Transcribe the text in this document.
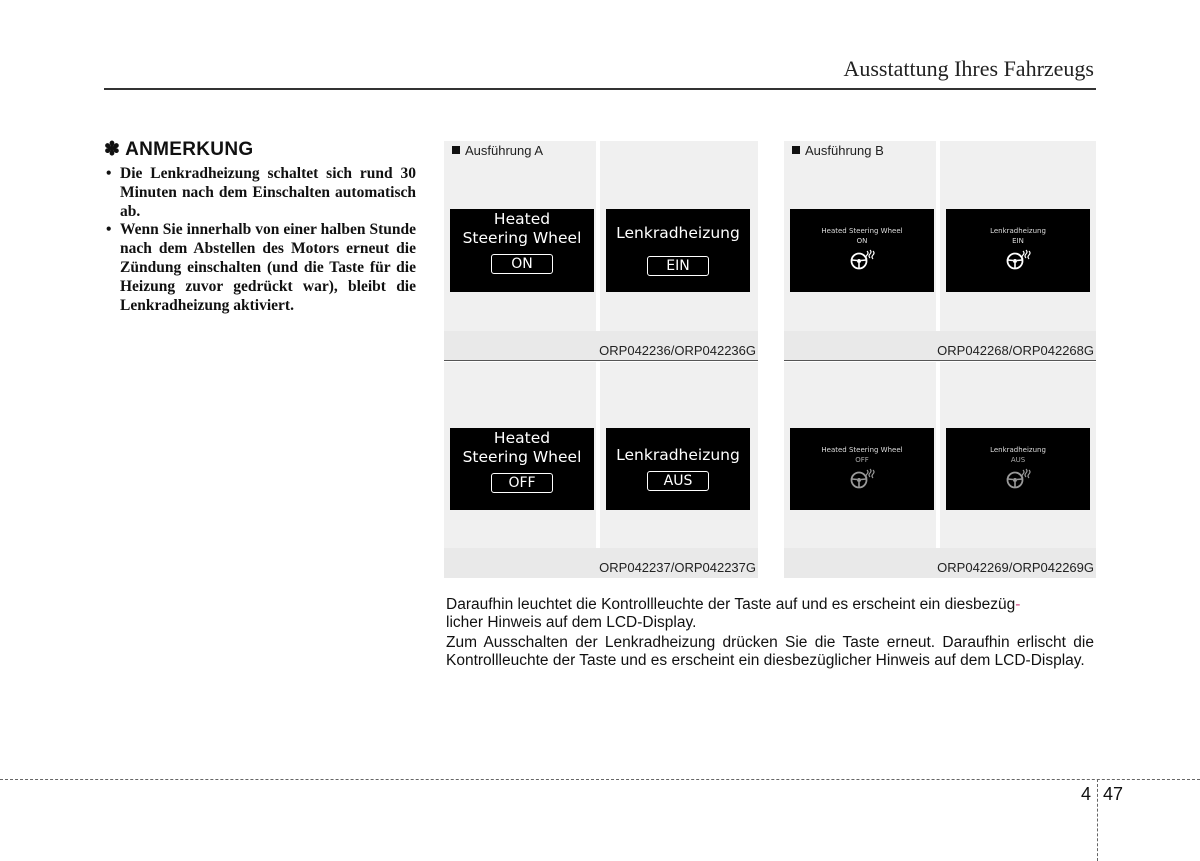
Ausstattung Ihres Fahrzeugs
✽ ANMERKUNG
• Die Lenkradheizung schaltet sich rund 30 Minuten nach dem Einschalten automatisch ab.
• Wenn Sie innerhalb von einer halben Stunde nach dem Abstellen des Motors erneut die Zündung einschalten (und die Taste für die Heizung zuvor gedrückt war), bleibt die Lenkradheizung aktiviert.
Ausführung A
Heated
Steering Wheel
ON
Lenkradheizung
EIN
ORP042236/ORP042236G
Ausführung B
Heated Steering Wheel
ON
Lenkradheizung
EIN
ORP042268/ORP042268G
Heated
Steering Wheel
OFF
Lenkradheizung
AUS
ORP042237/ORP042237G
Heated Steering Wheel
OFF
Lenkradheizung
AUS
ORP042269/ORP042269G

Daraufhin leuchtet die Kontrollleuchte der Taste auf und es erscheint ein diesbezüg-
licher Hinweis auf dem LCD-Display.

Zum Ausschalten der Lenkradheizung drücken Sie die Taste erneut. Daraufhin erlischt die Kontrollleuchte der Taste und es erscheint ein diesbezüglicher Hinweis auf dem LCD-Display.

4 47
